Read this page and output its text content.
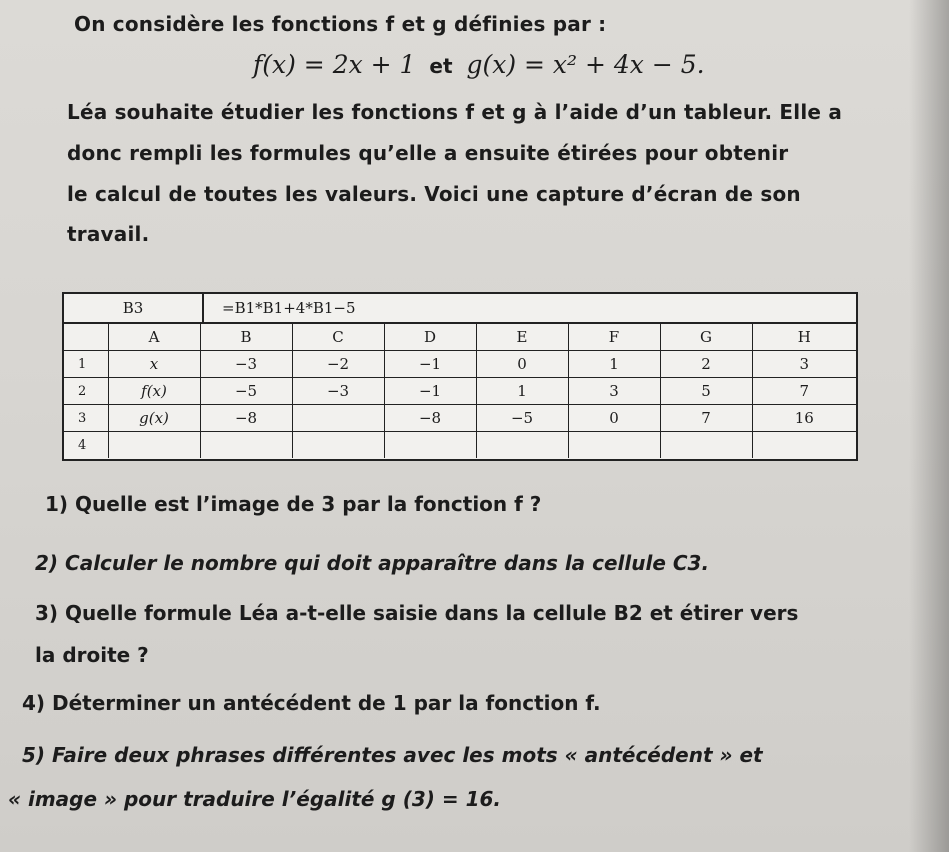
On considère les fonctions f et g définies par :
f(x) = 2x + 1 et g(x) = x² + 4x − 5.
Léa souhaite étudier les fonctions f et g à l’aide d’un tableur. Elle a
donc rempli les formules qu’elle a ensuite étirées pour obtenir
le calcul de toutes les valeurs. Voici une capture d’écran de son
travail.
B3	=B1*B1+4*B1−5
	A	B	C	D	E	F	G	H
1	x	−3	−2	−1	0	1	2	3
2	f(x)	−5	−3	−1	1	3	5	7
3	g(x)	−8		−8	−5	0	7	16
4								
1) Quelle est l’image de 3 par la fonction f ?
2) Calculer le nombre qui doit apparaître dans la cellule C3.
3) Quelle formule Léa a-t-elle saisie dans la cellule B2 et étirer vers
la droite ?
4) Déterminer un antécédent de 1 par la fonction f.
5) Faire deux phrases différentes avec les mots « antécédent » et
« image » pour traduire l’égalité g (3) = 16.
